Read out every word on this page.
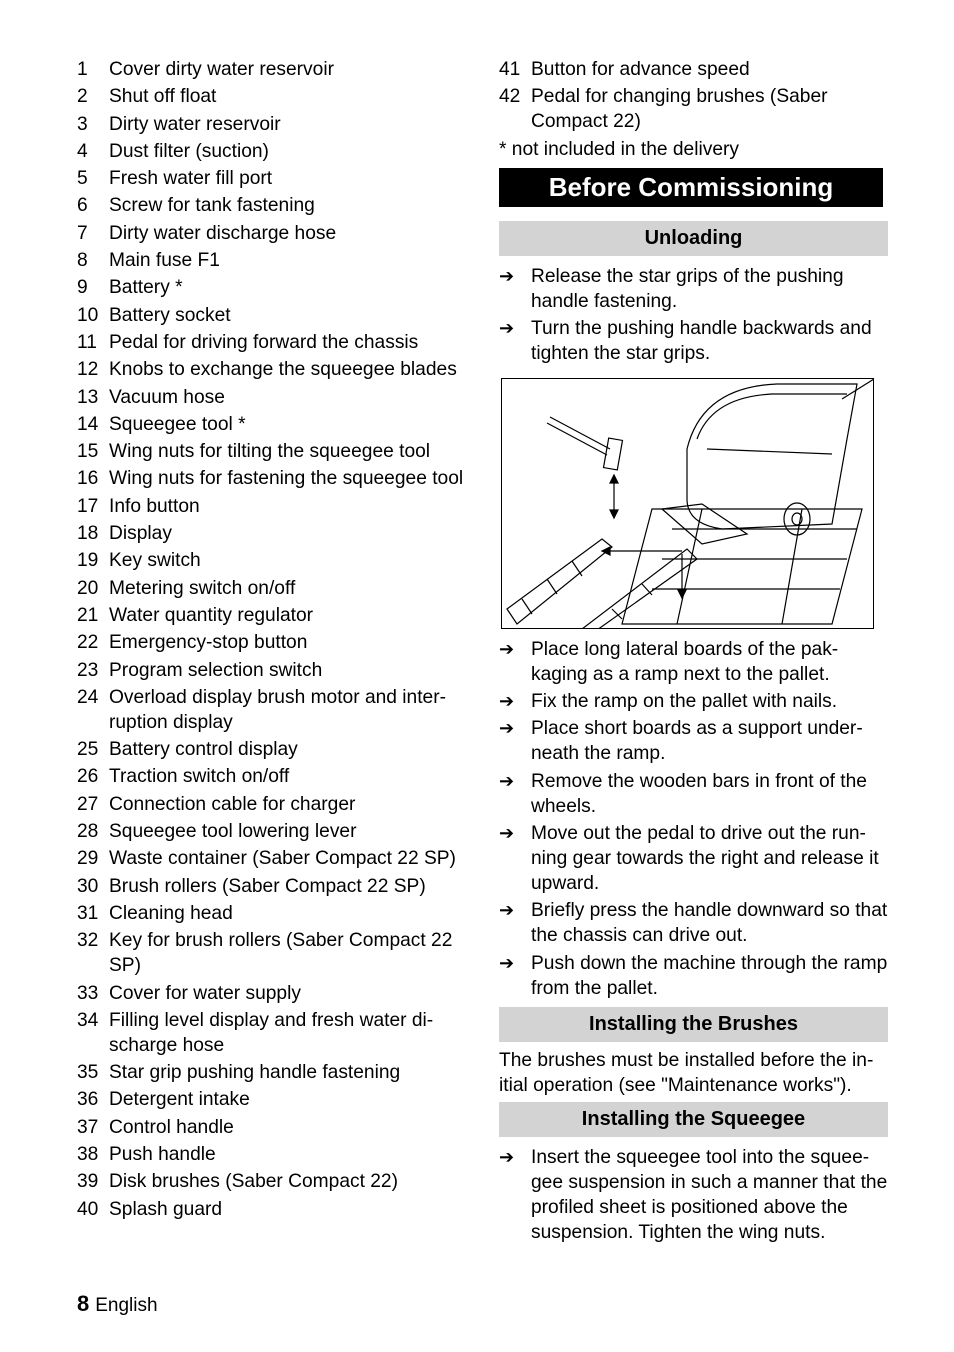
1	Cover dirty water reservoir
2	Shut off float
3	Dirty water reservoir
4	Dust filter (suction)
5	Fresh water fill port
6	Screw for tank fastening
7	Dirty water discharge hose
8	Main fuse F1
9	Battery *
10 Battery socket
11 Pedal for driving forward the chassis
12 Knobs to exchange the squeegee blades
13 Vacuum hose
14 Squeegee tool *
15 Wing nuts for tilting the squeegee tool
16 Wing nuts for fastening the squeegee tool
17 Info button
18 Display
19 Key switch
20 Metering switch on/off
21 Water quantity regulator
22 Emergency-stop button
23 Program selection switch
24 Overload display brush motor and inter-ruption display
25 Battery control display
26 Traction switch on/off
27 Connection cable for charger
28 Squeegee tool lowering lever
29 Waste container (Saber Compact 22 SP)
30 Brush rollers (Saber Compact 22 SP)
31 Cleaning head
32 Key for brush rollers (Saber Compact 22 SP)
33 Cover for water supply
34 Filling level display and fresh water di-scharge hose
35 Star grip pushing handle fastening
36 Detergent intake
37 Control handle
38 Push handle
39 Disk brushes (Saber Compact 22)
40 Splash guard
41 Button for advance speed
42 Pedal for changing brushes (Saber Compact 22)
* not included in the delivery
Before Commissioning
Unloading
➔ Release the star grips of the pushing handle fastening.
➔ Turn the pushing handle backwards and tighten the star grips.
➔ Place long lateral boards of the pak-kaging as a ramp next to the pallet.
➔ Fix the ramp on the pallet with nails.
➔ Place short boards as a support under-neath the ramp.
➔ Remove the wooden bars in front of the wheels.
➔ Move out the pedal to drive out the run-ning gear towards the right and release it upward.
➔ Briefly press the handle downward so that the chassis can drive out.
➔ Push down the machine through the ramp from the pallet.
Installing the Brushes
The brushes must be installed before the in-itial operation (see "Maintenance works").
Installing the Squeegee
➔ Insert the squeegee tool into the squee-gee suspension in such a manner that the profiled sheet is positioned above the suspension. Tighten the wing nuts.
8 English
